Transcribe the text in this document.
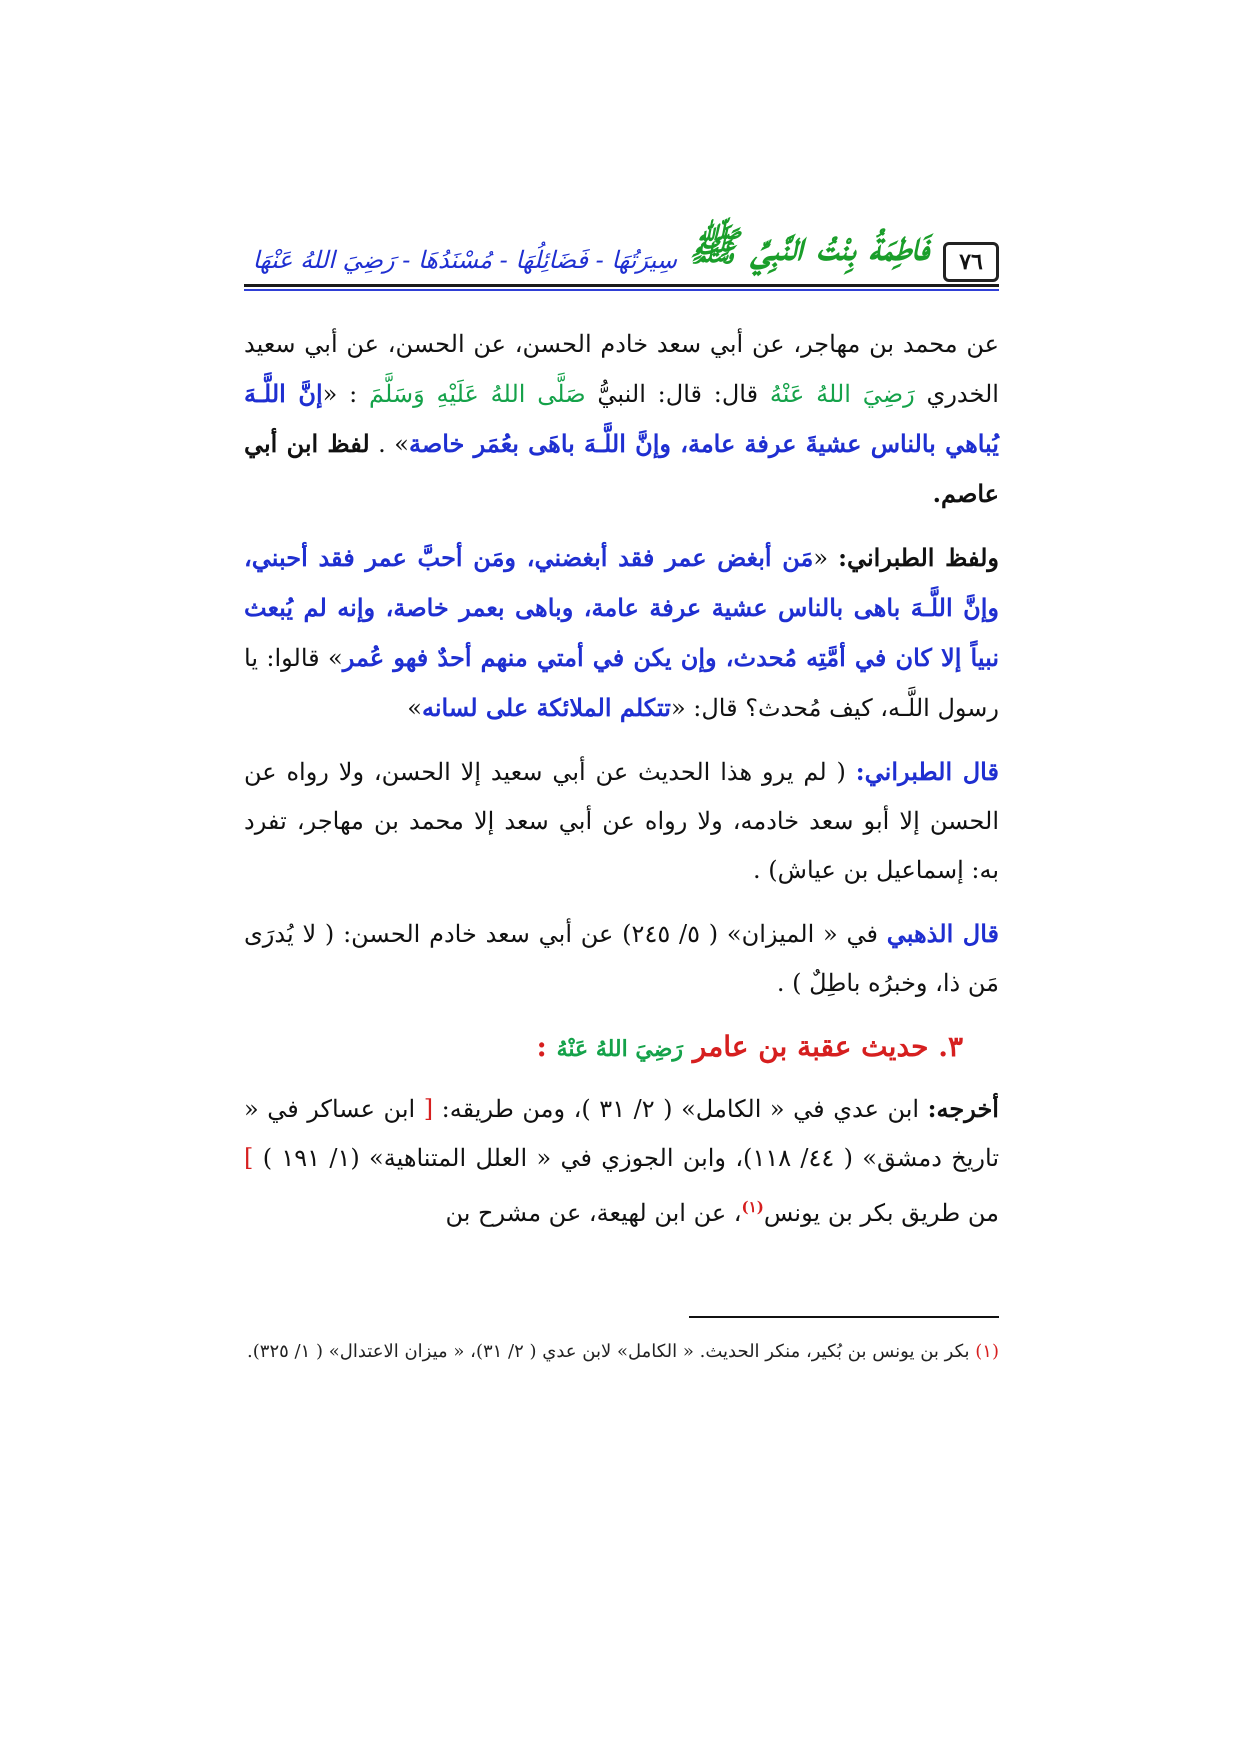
٧٦
فَاطِمَةُ بِنْتُ النَّبِيِّ ﷺ
سِيرَتُهَا - فَضَائِلُهَا - مُسْنَدُهَا - رَضِيَ اللهُ عَنْهَا

عن محمد بن مهاجر، عن أبي سعد خادم الحسن، عن الحسن، عن أبي سعيد الخدري رَضِيَ اللهُ عَنْهُ قال: قال: النبيُّ صَلَّى اللهُ عَلَيْهِ وَسَلَّمَ : «إنَّ اللَّـهَ يُباهي بالناس عشيةَ عرفة عامة، وإنَّ اللَّـهَ باهَى بعُمَر خاصة» . لفظ ابن أبي عاصم.

ولفظ الطبراني: «مَن أبغض عمر فقد أبغضني، ومَن أحبَّ عمر فقد أحبني، وإنَّ اللَّـهَ باهى بالناس عشية عرفة عامة، وباهى بعمر خاصة، وإنه لم يُبعث نبياً إلا كان في أمَّتِه مُحدث، وإن يكن في أمتي منهم أحدٌ فهو عُمر» قالوا: يا رسول اللَّـه، كيف مُحدث؟ قال: «تتكلم الملائكة على لسانه»

قال الطبراني: ( لم يرو هذا الحديث عن أبي سعيد إلا الحسن، ولا رواه عن الحسن إلا أبو سعد خادمه، ولا رواه عن أبي سعد إلا محمد بن مهاجر، تفرد به: إسماعيل بن عياش) .

قال الذهبي في « الميزان» ( ٥/ ٢٤٥) عن أبي سعد خادم الحسن: ( لا يُدرَى مَن ذا، وخبرُه باطِلٌ ) .

٣. حديث عقبة بن عامر رَضِيَ اللهُ عَنْهُ :

أخرجه: ابن عدي في « الكامل» ( ٢/ ٣١ )، ومن طريقه: [ ابن عساكر في « تاريخ دمشق» ( ٤٤/ ١١٨)، وابن الجوزي في « العلل المتناهية» (١/ ١٩١ ) ] من طريق بكر بن يونس$^{(١)}$، عن ابن لهيعة، عن مشرح بن

(١) بكر بن يونس بن بُكير، منكر الحديث. « الكامل» لابن عدي ( ٢/ ٣١)، « ميزان الاعتدال» ( ١/ ٣٢٥).
